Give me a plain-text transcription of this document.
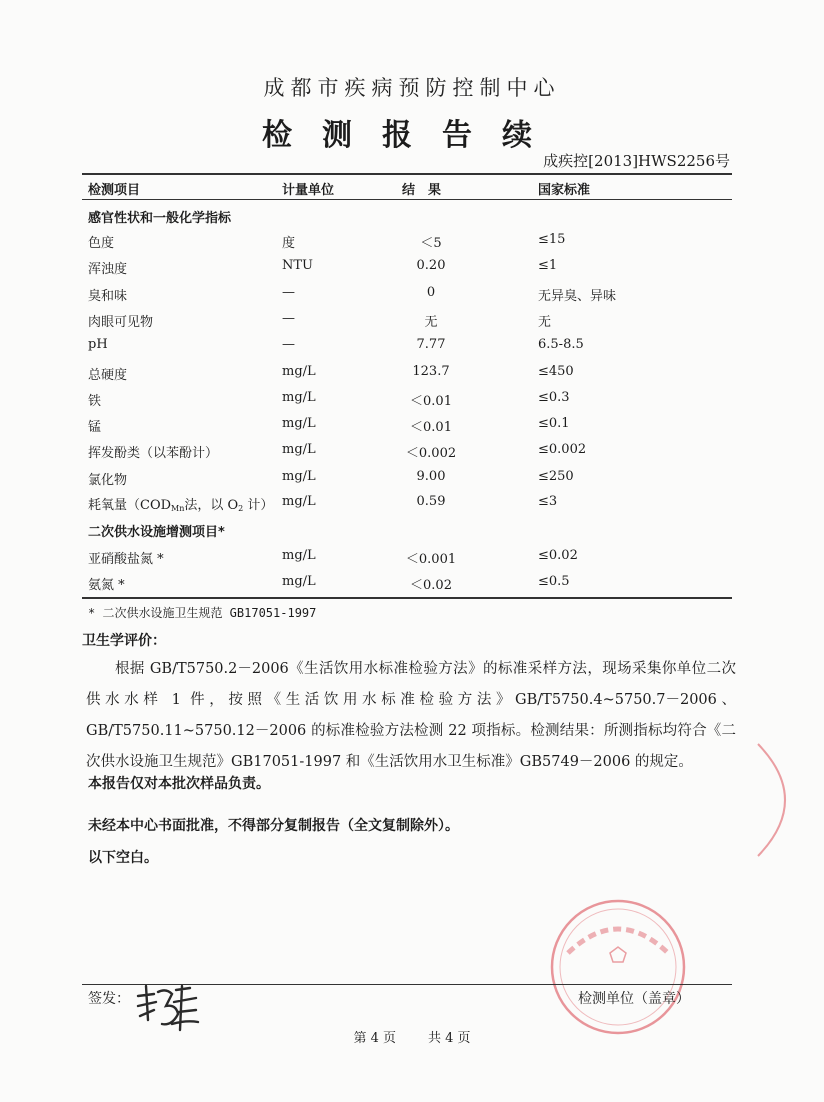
成都市疾病预防控制中心
检测报告续
成疾控[2013]HWS2256号
检测项目	计量单位	结　果	国家标准
感官性状和一般化学指标
色度	度	＜5	≤15
浑浊度	NTU	0.20	≤1
臭和味	—	0	无异臭、异味
肉眼可见物	—	无	无
pH	—	7.77	6.5-8.5
总硬度	mg/L	123.7	≤450
铁	mg/L	＜0.01	≤0.3
锰	mg/L	＜0.01	≤0.1
挥发酚类（以苯酚计）	mg/L	＜0.002	≤0.002
氯化物	mg/L	9.00	≤250
耗氧量（$COD_{Mn}$法，以 $O_2$ 计） mg/L	0.59	≤3
二次供水设施增测项目*
亚硝酸盐氮 *	mg/L	＜0.001	≤0.02
氨氮 *	mg/L	＜0.02	≤0.5
* 二次供水设施卫生规范 GB17051-1997
卫生学评价：

根据 GB/T5750.2－2006《生活饮用水标准检验方法》的标准采样方法，现场采集你单位二次供水水样 1 件，按照《生活饮用水标准检验方法》GB/T5750.4~5750.7－2006、GB/T5750.11~5750.12－2006 的标准检验方法检测 22 项指标。检测结果：所测指标均符合《二次供水设施卫生规范》GB17051-1997 和《生活饮用水卫生标准》GB5749－2006 的规定。

本报告仅对本批次样品负责。
未经本中心书面批准，不得部分复制报告（全文复制除外）。
以下空白。
签发：	检测单位（盖章）
第 4 页 共 4 页
